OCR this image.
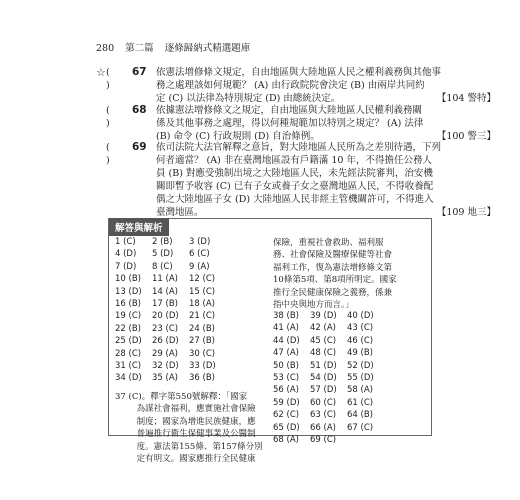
280 第二篇 逐條歸納式精選題庫
☆ ( )
67 依憲法增修條文規定，自由地區與大陸地區人民之權利義務與其他事
務之處理該如何規範？ (A) 由行政院院會決定 (B) 由兩岸共同約
定 (C) 以法律為特別規定 (D) 由總統決定。	【104 警特】
( )
68 依據憲法增修條文之規定，自由地區與大陸地區人民權利義務關
係及其他事務之處理，得以何種規範加以特別之規定？ (A) 法律
(B) 命令 (C) 行政規則 (D) 自治條例。	【100 警三】
( )
69 依司法院大法官解釋之意旨，對大陸地區人民所為之差別待遇，下列
何者適當？ (A) 非在臺灣地區設有戶籍滿 10 年，不得擔任公務人
員 (B) 對應受強制出境之大陸地區人民，未先經法院審判，治安機
關即暫予收容 (C) 已有子女或養子女之臺灣地區人民，不得收養配
偶之大陸地區子女 (D) 大陸地區人民非經主管機關許可，不得進入
臺灣地區。	【109 地三】
解答與解析
1 (C)	2 (B)	3 (D)
4 (D)	5 (D)	6 (C)
7 (D)	8 (C)	9 (A)
10 (B)	11 (A)	12 (C)
13 (D)	14 (A)	15 (C)
16 (B)	17 (B)	18 (A)
19 (C)	20 (D)	21 (C)
22 (B)	23 (C)	24 (B)
25 (D)	26 (D)	27 (B)
28 (C)	29 (A)	30 (C)
31 (C)	32 (D)	33 (D)
34 (D)	35 (A)	36 (B)
37 (C)。釋字第550號解釋：「國家
為謀社會福利，應實施社會保險
制度；國家為增進民族健康，應
普遍推行衛生保健事業及公醫制
度。憲法第155條、第157條分別
定有明文。國家應推行全民健康
保險，重視社會救助、福利服
務、社會保險及醫療保健等社會
福利工作，復為憲法增修條文第
10條第5項、第8項所明定。國家
推行全民健康保險之義務，係兼
指中央與地方而言。」
38 (B)	39 (D)	40 (D)
41 (A)	42 (A)	43 (C)
44 (D)	45 (C)	46 (C)
47 (A)	48 (C)	49 (B)
50 (B)	51 (D)	52 (D)
53 (C)	54 (D)	55 (D)
56 (A)	57 (D)	58 (A)
59 (D)	60 (C)	61 (C)
62 (C)	63 (C)	64 (B)
65 (D)	66 (A)	67 (C)
68 (A)	69 (C)
